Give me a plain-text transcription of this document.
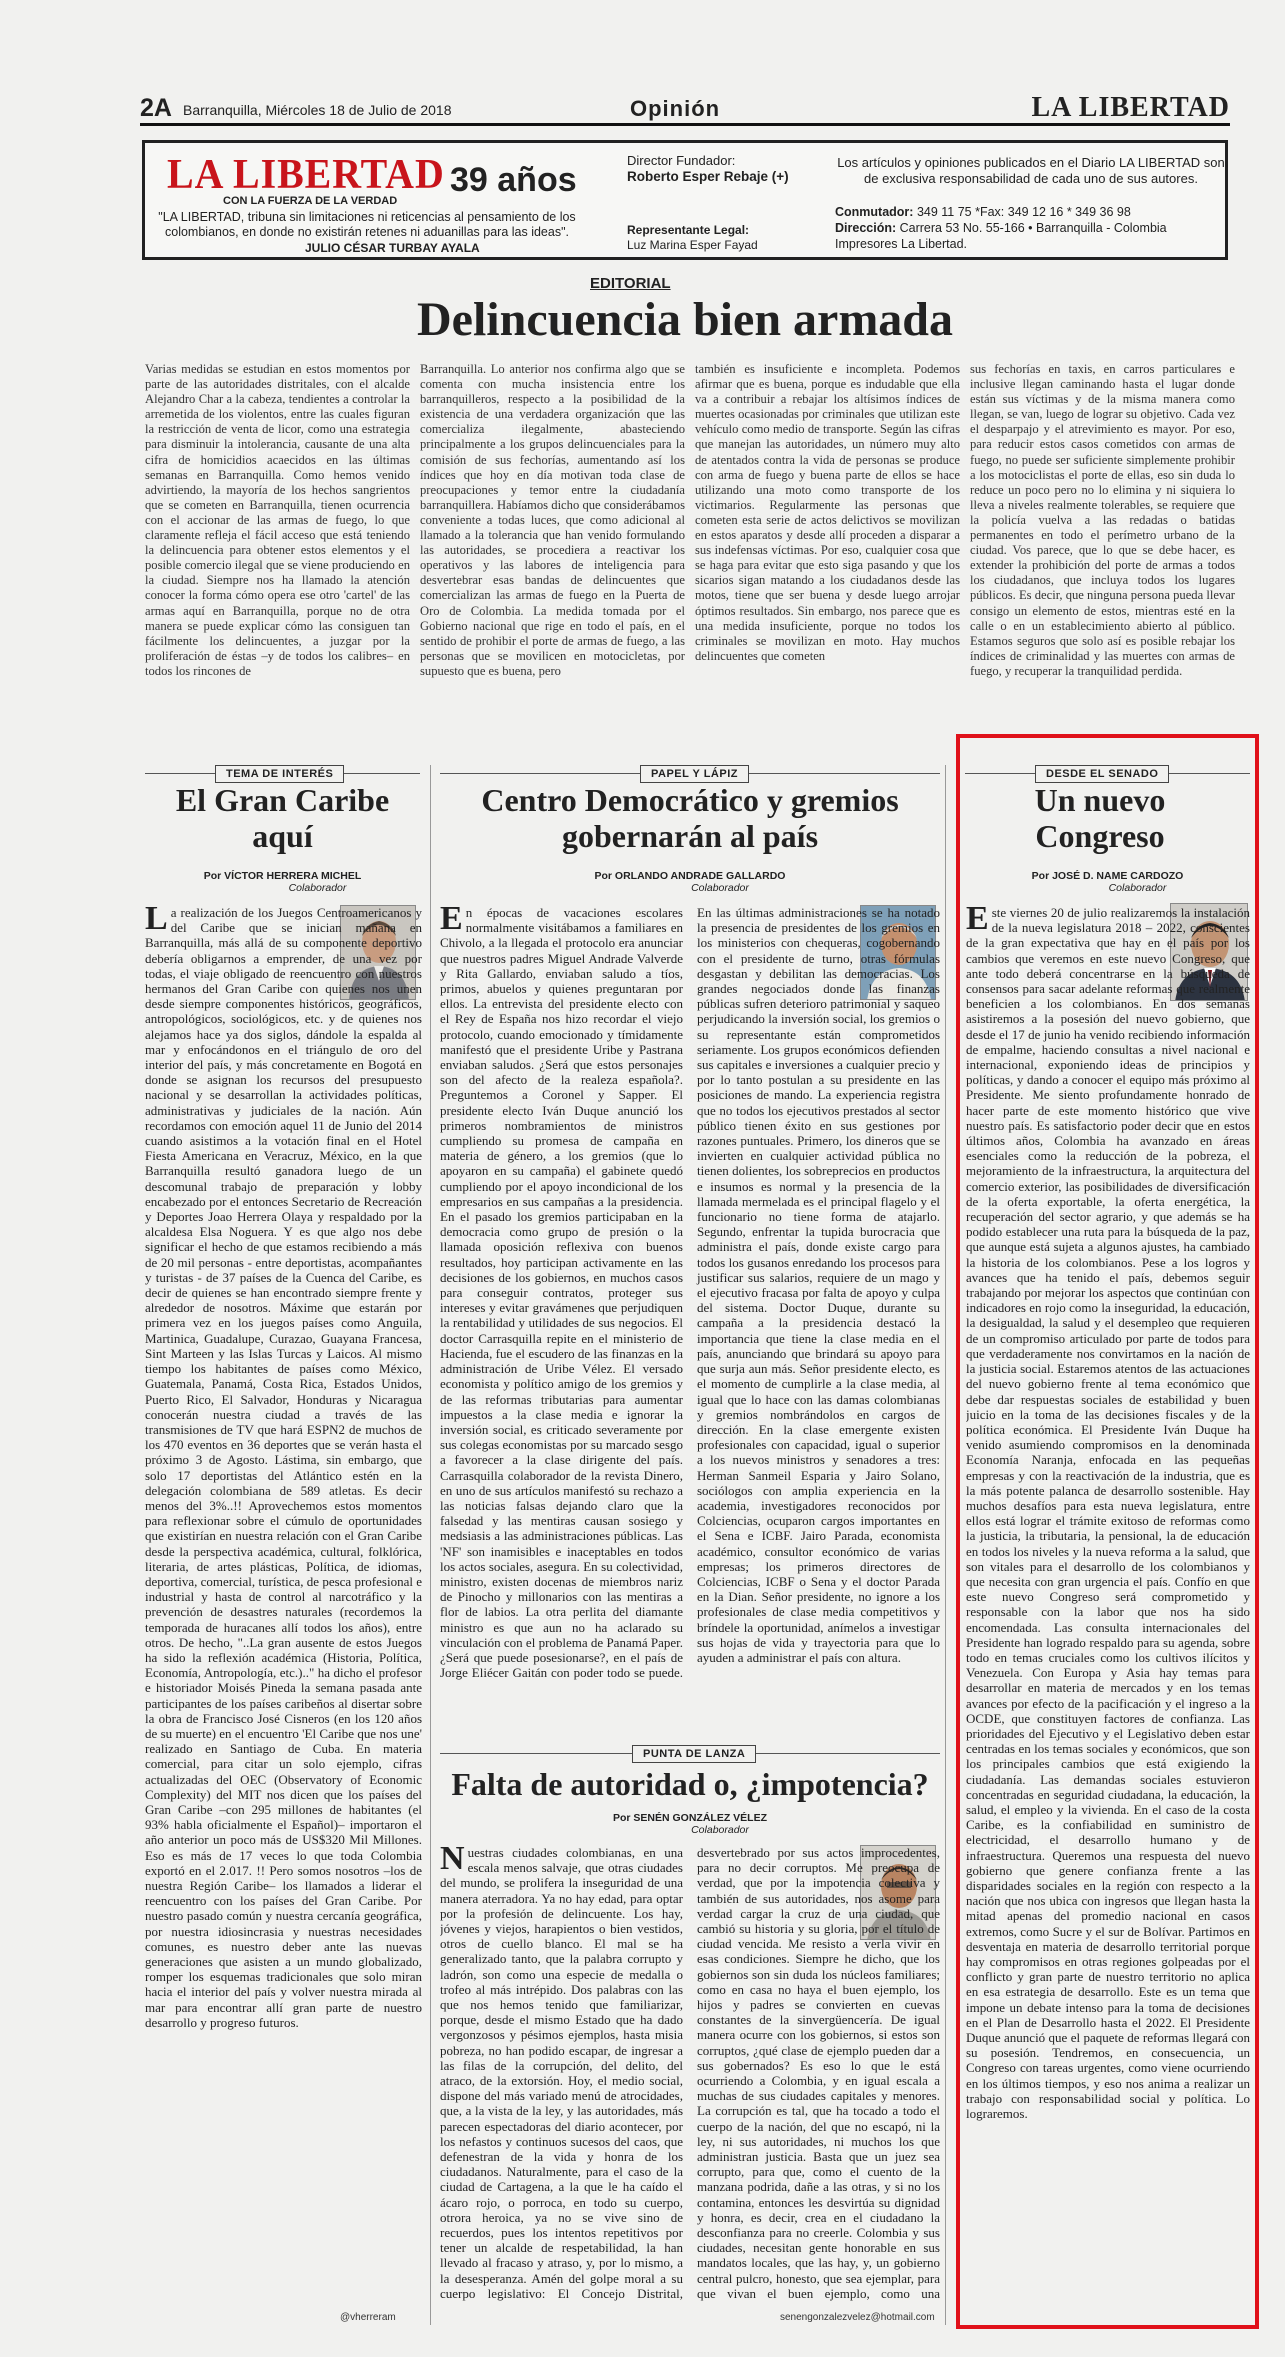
2A Barranquilla, Miércoles 18 de Julio de 2018	Opinión	LA LIBERTAD
LA LIBERTAD 39 años
CON LA FUERZA DE LA VERDAD
"LA LIBERTAD, tribuna sin limitaciones ni reticencias al pensamiento de los colombianos, en donde no existirán retenes ni aduanillas para las ideas".
JULIO CÉSAR TURBAY AYALA
Director Fundador:
Roberto Esper Rebaje (+)
Representante Legal:
Luz Marina Esper Fayad
Los artículos y opiniones publicados en el Diario LA LIBERTAD son de exclusiva responsabilidad de cada uno de sus autores.
Conmutador: 349 11 75 *Fax: 349 12 16 * 349 36 98
Dirección: Carrera 53 No. 55-166 • Barranquilla - Colombia
Impresores La Libertad.
EDITORIAL
Delincuencia bien armada
Varias medidas se estudian en estos momentos por parte de las autoridades distritales, con el alcalde Alejandro Char a la cabeza, tendientes a controlar la arremetida de los violentos, entre las cuales figuran la restricción de venta de licor, como una estrategia para disminuir la intolerancia, causante de una alta cifra de homicidios acaecidos en las últimas semanas en Barranquilla. Como hemos venido advirtiendo, la mayoría de los hechos sangrientos que se cometen en Barranquilla, tienen ocurrencia con el accionar de las armas de fuego, lo que claramente refleja el fácil acceso que está teniendo la delincuencia para obtener estos elementos y el posible comercio ilegal que se viene produciendo en la ciudad. Siempre nos ha llamado la atención conocer la forma cómo opera ese otro 'cartel' de las armas aquí en Barranquilla, porque no de otra manera se puede explicar cómo las consiguen tan fácilmente los delincuentes, a juzgar por la proliferación de éstas –y de todos los calibres– en todos los rincones de
Barranquilla. Lo anterior nos confirma algo que se comenta con mucha insistencia entre los barranquilleros, respecto a la posibilidad de la existencia de una verdadera organización que las comercializa ilegalmente, abasteciendo principalmente a los grupos delincuenciales para la comisión de sus fechorías, aumentando así los índices que hoy en día motivan toda clase de preocupaciones y temor entre la ciudadanía barranquillera. Habíamos dicho que considerábamos conveniente a todas luces, que como adicional al llamado a la tolerancia que han venido formulando las autoridades, se procediera a reactivar los operativos y las labores de inteligencia para desvertebrar esas bandas de delincuentes que comercializan las armas de fuego en la Puerta de Oro de Colombia. La medida tomada por el Gobierno nacional que rige en todo el país, en el sentido de prohibir el porte de armas de fuego, a las personas que se movilicen en motocicletas, por supuesto que es buena, pero
también es insuficiente e incompleta. Podemos afirmar que es buena, porque es indudable que ella va a contribuir a rebajar los altísimos índices de muertes ocasionadas por criminales que utilizan este vehículo como medio de transporte. Según las cifras que manejan las autoridades, un número muy alto de atentados contra la vida de personas se produce con arma de fuego y buena parte de ellos se hace utilizando una moto como transporte de los victimarios. Regularmente las personas que cometen esta serie de actos delictivos se movilizan en estos aparatos y desde allí proceden a disparar a sus indefensas víctimas. Por eso, cualquier cosa que se haga para evitar que esto siga pasando y que los sicarios sigan matando a los ciudadanos desde las motos, tiene que ser buena y desde luego arrojar óptimos resultados. Sin embargo, nos parece que es una medida insuficiente, porque no todos los criminales se movilizan en moto. Hay muchos delincuentes que cometen
sus fechorías en taxis, en carros particulares e inclusive llegan caminando hasta el lugar donde están sus víctimas y de la misma manera como llegan, se van, luego de lograr su objetivo. Cada vez el desparpajo y el atrevimiento es mayor. Por eso, para reducir estos casos cometidos con armas de fuego, no puede ser suficiente simplemente prohibir a los motociclistas el porte de ellas, eso sin duda lo reduce un poco pero no lo elimina y ni siquiera lo lleva a niveles realmente tolerables, se requiere que la policía vuelva a las redadas o batidas permanentes en todo el perímetro urbano de la ciudad. Vos parece, que lo que se debe hacer, es extender la prohibición del porte de armas a todos los ciudadanos, que incluya todos los lugares públicos. Es decir, que ninguna persona pueda llevar consigo un elemento de estos, mientras esté en la calle o en un establecimiento abierto al público. Estamos seguros que solo así es posible rebajar los índices de criminalidad y las muertes con armas de fuego, y recuperar la tranquilidad perdida.
TEMA DE INTERÉS
El Gran Caribe aquí
Por VÍCTOR HERRERA MICHEL
Colaborador
L a realización de los Juegos Centroamericanos y del Caribe que se inician mañana en Barranquilla, más allá de su componente deportivo debería obligarnos a emprender, de una vez por todas, el viaje obligado de reencuentro con nuestros hermanos del Gran Caribe con quienes nos unen desde siempre componentes históricos, geográficos, antropológicos, sociológicos, etc. y de quienes nos alejamos hace ya dos siglos, dándole la espalda al mar y enfocándonos en el triángulo de oro del interior del país, y más concretamente en Bogotá en donde se asignan los recursos del presupuesto nacional y se desarrollan la actividades políticas, administrativas y judiciales de la nación. Aún recordamos con emoción aquel 11 de Junio del 2014 cuando asistimos a la votación final en el Hotel Fiesta Americana en Veracruz, México, en la que Barranquilla resultó ganadora luego de un descomunal trabajo de preparación y lobby encabezado por el entonces Secretario de Recreación y Deportes Joao Herrera Olaya y respaldado por la alcaldesa Elsa Noguera. Y es que algo nos debe significar el hecho de que estamos recibiendo a más de 20 mil personas - entre deportistas, acompañantes y turistas - de 37 países de la Cuenca del Caribe, es decir de quienes se han encontrado siempre frente y alrededor de nosotros. Máxime que estarán por primera vez en los juegos países como Anguila, Martinica, Guadalupe, Curazao, Guayana Francesa, Sint Marteen y las Islas Turcas y Laicos. Al mismo tiempo los habitantes de países como México, Guatemala, Panamá, Costa Rica, Estados Unidos, Puerto Rico, El Salvador, Honduras y Nicaragua conocerán nuestra ciudad a través de las transmisiones de TV que hará ESPN2 de muchos de los 470 eventos en 36 deportes que se verán hasta el próximo 3 de Agosto. Lástima, sin embargo, que solo 17 deportistas del Atlántico estén en la delegación colombiana de 589 atletas. Es decir menos del 3%..!! Aprovechemos estos momentos para reflexionar sobre el cúmulo de oportunidades que existirían en nuestra relación con el Gran Caribe desde la perspectiva académica, cultural, folklórica, literaria, de artes plásticas, Política, de idiomas, deportiva, comercial, turística, de pesca profesional e industrial y hasta de control al narcotráfico y la prevención de desastres naturales (recordemos la temporada de huracanes allí todos los años), entre otros. De hecho, "..La gran ausente de estos Juegos ha sido la reflexión académica (Historia, Política, Economía, Antropología, etc.).." ha dicho el profesor e historiador Moisés Pineda la semana pasada ante participantes de los países caribeños al disertar sobre la obra de Francisco José Cisneros (en los 120 años de su muerte) en el encuentro 'El Caribe que nos une' realizado en Santiago de Cuba. En materia comercial, para citar un solo ejemplo, cifras actualizadas del OEC (Observatory of Economic Complexity) del MIT nos dicen que los países del Gran Caribe –con 295 millones de habitantes (el 93% habla oficialmente el Español)– importaron el año anterior un poco más de US$320 Mil Millones. Eso es más de 17 veces lo que toda Colombia exportó en el 2.017. !! Pero somos nosotros –los de nuestra Región Caribe– los llamados a liderar el reencuentro con los países del Gran Caribe. Por nuestro pasado común y nuestra cercanía geográfica, por nuestra idiosincrasia y nuestras necesidades comunes, es nuestro deber ante las nuevas generaciones que asisten a un mundo globalizado, romper los esquemas tradicionales que solo miran hacia el interior del país y volver nuestra mirada al mar para encontrar allí gran parte de nuestro desarrollo y progreso futuros.
@vherreram
PAPEL Y LÁPIZ
Centro Democrático y gremios gobernarán al país
Por ORLANDO ANDRADE GALLARDO
Colaborador
E n épocas de vacaciones escolares normalmente visitábamos a familiares en Chivolo, a la llegada el protocolo era anunciar que nuestros padres Miguel Andrade Valverde y Rita Gallardo, enviaban saludo a tíos, primos, abuelos y quienes preguntaran por ellos. La entrevista del presidente electo con el Rey de España nos hizo recordar el viejo protocolo, cuando emocionado y tímidamente manifestó que el presidente Uribe y Pastrana enviaban saludos. ¿Será que estos personajes son del afecto de la realeza española?. Preguntemos a Coronel y Sapper. El presidente electo Iván Duque anunció los primeros nombramientos de ministros cumpliendo su promesa de campaña en materia de género, a los gremios (que lo apoyaron en su campaña) el gabinete quedó cumpliendo por el apoyo incondicional de los empresarios en sus campañas a la presidencia. En el pasado los gremios participaban en la democracia como grupo de presión o la llamada oposición reflexiva con buenos resultados, hoy participan activamente en las decisiones de los gobiernos, en muchos casos para conseguir contratos, proteger sus intereses y evitar gravámenes que perjudiquen la rentabilidad y utilidades de sus negocios. El doctor Carrasquilla repite en el ministerio de Hacienda, fue el escudero de las finanzas en la administración de Uribe Vélez. El versado economista y político amigo de los gremios y de las reformas tributarias para aumentar impuestos a la clase media e ignorar la inversión social, es criticado severamente por sus colegas economistas por su marcado sesgo a favorecer a la clase dirigente del país. Carrasquilla colaborador de la revista Dinero, en uno de sus artículos manifestó su rechazo a las noticias falsas dejando claro que la falsedad y las mentiras causan sosiego y medsiasis a las administraciones públicas. Las 'NF' son inamisibles e inaceptables en todos los actos sociales, asegura. En su colectividad, ministro, existen docenas de miembros nariz de Pinocho y millonarios con las mentiras a flor de labios. La otra perlita del diamante ministro es que aun no ha aclarado su vinculación con el problema de Panamá Paper. ¿Será que puede posesionarse?, en el país de Jorge Eliécer Gaitán con poder todo se puede. En las últimas administraciones se ha notado la presencia de presidentes de los gremios en los ministerios con chequeras, cogobernando con el presidente de turno, otras fórmulas desgastan y debilitan las democracias. Los grandes negociados donde las finanzas públicas sufren deterioro patrimonial y saqueo perjudicando la inversión social, los gremios o su representante están comprometidos seriamente. Los grupos económicos defienden sus capitales e inversiones a cualquier precio y por lo tanto postulan a su presidente en las posiciones de mando. La experiencia registra que no todos los ejecutivos prestados al sector público tienen éxito en sus gestiones por razones puntuales. Primero, los dineros que se invierten en cualquier actividad pública no tienen dolientes, los sobreprecios en productos e insumos es normal y la presencia de la llamada mermelada es el principal flagelo y el funcionario no tiene forma de atajarlo. Segundo, enfrentar la tupida burocracia que administra el país, donde existe cargo para todos los gusanos enredando los procesos para justificar sus salarios, requiere de un mago y el ejecutivo fracasa por falta de apoyo y culpa del sistema. Doctor Duque, durante su campaña a la presidencia destacó la importancia que tiene la clase media en el país, anunciando que brindará su apoyo para que surja aun más. Señor presidente electo, es el momento de cumplirle a la clase media, al igual que lo hace con las damas colombianas y gremios nombrándolos en cargos de dirección. En la clase emergente existen profesionales con capacidad, igual o superior a los nuevos ministros y senadores a tres: Herman Sanmeil Esparia y Jairo Solano, sociólogos con amplia experiencia en la academia, investigadores reconocidos por Colciencias, ocuparon cargos importantes en el Sena e ICBF. Jairo Parada, economista académico, consultor económico de varias empresas; los primeros directores de Colciencias, ICBF o Sena y el doctor Parada en la Dian. Señor presidente, no ignore a los profesionales de clase media competitivos y bríndele la oportunidad, anímelos a investigar sus hojas de vida y trayectoria para que lo ayuden a administrar el país con altura.
PUNTA DE LANZA
Falta de autoridad o, ¿impotencia?
Por SENÉN GONZÁLEZ VÉLEZ
Colaborador
N uestras ciudades colombianas, en una escala menos salvaje, que otras ciudades del mundo, se prolifera la inseguridad de una manera aterradora. Ya no hay edad, para optar por la profesión de delincuente. Los hay, jóvenes y viejos, harapientos o bien vestidos, otros de cuello blanco. El mal se ha generalizado tanto, que la palabra corrupto y ladrón, son como una especie de medalla o trofeo al más intrépido. Dos palabras con las que nos hemos tenido que familiarizar, porque, desde el mismo Estado que ha dado vergonzosos y pésimos ejemplos, hasta misia pobreza, no han podido escapar, de ingresar a las filas de la corrupción, del delito, del atraco, de la extorsión. Hoy, el medio social, dispone del más variado menú de atrocidades, que, a la vista de la ley, y las autoridades, más parecen espectadoras del diario acontecer, por los nefastos y continuos sucesos del caos, que defenestran de la vida y honra de los ciudadanos. Naturalmente, para el caso de la ciudad de Cartagena, a la que le ha caído el ácaro rojo, o porroca, en todo su cuerpo, otrora heroica, ya no se vive sino de recuerdos, pues los intentos repetitivos por tener un alcalde de respetabilidad, la han llevado al fracaso y atraso, y, por lo mismo, a la desesperanza. Amén del golpe moral a su cuerpo legislativo: El Concejo Distrital, desvertebrado por sus actos improcedentes, para no decir corruptos. Me preocupa de verdad, que por la impotencia colectiva y también de sus autoridades, nos asome para verdad cargar la cruz de una ciudad, que cambió su historia y su gloria, por el título de ciudad vencida. Me resisto a verla vivir en esas condiciones. Siempre he dicho, que los gobiernos son sin duda los núcleos familiares; como en casa no haya el buen ejemplo, los hijos y padres se convierten en cuevas constantes de la sinvergüencería. De igual manera ocurre con los gobiernos, si estos son corruptos, ¿qué clase de ejemplo pueden dar a sus gobernados? Es eso lo que le está ocurriendo a Colombia, y en igual escala a muchas de sus ciudades capitales y menores. La corrupción es tal, que ha tocado a todo el cuerpo de la nación, del que no escapó, ni la ley, ni sus autoridades, ni muchos los que administran justicia. Basta que un juez sea corrupto, para que, como el cuento de la manzana podrida, dañe a las otras, y si no los contamina, entonces les desvirtúa su dignidad y honra, es decir, crea en el ciudadano la desconfianza para no creerle. Colombia y sus ciudades, necesitan gente honorable en sus mandatos locales, que las hay, y, un gobierno central pulcro, honesto, que sea ejemplar, para que vivan el buen ejemplo, como una
senengonzalezvelez@hotmail.com
DESDE EL SENADO
Un nuevo Congreso
Por JOSÉ D. NAME CARDOZO
Colaborador
E ste viernes 20 de julio realizaremos la instalación de la nueva legislatura 2018 – 2022, conscientes de la gran expectativa que hay en el país por los cambios que veremos en este nuevo Congreso, que ante todo deberá concentrarse en la búsqueda de consensos para sacar adelante reformas que realmente beneficien a los colombianos. En dos semanas asistiremos a la posesión del nuevo gobierno, que desde el 17 de junio ha venido recibiendo información de empalme, haciendo consultas a nivel nacional e internacional, exponiendo ideas de principios y políticas, y dando a conocer el equipo más próximo al Presidente. Me siento profundamente honrado de hacer parte de este momento histórico que vive nuestro país. Es satisfactorio poder decir que en estos últimos años, Colombia ha avanzado en áreas esenciales como la reducción de la pobreza, el mejoramiento de la infraestructura, la arquitectura del comercio exterior, las posibilidades de diversificación de la oferta exportable, la oferta energética, la recuperación del sector agrario, y que además se ha podido establecer una ruta para la búsqueda de la paz, que aunque está sujeta a algunos ajustes, ha cambiado la historia de los colombianos. Pese a los logros y avances que ha tenido el país, debemos seguir trabajando por mejorar los aspectos que continúan con indicadores en rojo como la inseguridad, la educación, la desigualdad, la salud y el desempleo que requieren de un compromiso articulado por parte de todos para que verdaderamente nos convirtamos en la nación de la justicia social. Estaremos atentos de las actuaciones del nuevo gobierno frente al tema económico que debe dar respuestas sociales de estabilidad y buen juicio en la toma de las decisiones fiscales y de la política económica. El Presidente Iván Duque ha venido asumiendo compromisos en la denominada Economía Naranja, enfocada en las pequeñas empresas y con la reactivación de la industria, que es la más potente palanca de desarrollo sostenible. Hay muchos desafíos para esta nueva legislatura, entre ellos está lograr el trámite exitoso de reformas como la justicia, la tributaria, la pensional, la de educación en todos los niveles y la nueva reforma a la salud, que son vitales para el desarrollo de los colombianos y que necesita con gran urgencia el país. Confío en que este nuevo Congreso será comprometido y responsable con la labor que nos ha sido encomendada. Las consulta internacionales del Presidente han logrado respaldo para su agenda, sobre todo en temas cruciales como los cultivos ilícitos y Venezuela. Con Europa y Asia hay temas para desarrollar en materia de mercados y en los temas avances por efecto de la pacificación y el ingreso a la OCDE, que constituyen factores de confianza. Las prioridades del Ejecutivo y el Legislativo deben estar centradas en los temas sociales y económicos, que son los principales cambios que está exigiendo la ciudadanía. Las demandas sociales estuvieron concentradas en seguridad ciudadana, la educación, la salud, el empleo y la vivienda. En el caso de la costa Caribe, es la confiabilidad en suministro de electricidad, el desarrollo humano y de infraestructura. Queremos una respuesta del nuevo gobierno que genere confianza frente a las disparidades sociales en la región con respecto a la nación que nos ubica con ingresos que llegan hasta la mitad apenas del promedio nacional en casos extremos, como Sucre y el sur de Bolívar. Partimos en desventaja en materia de desarrollo territorial porque hay compromisos en otras regiones golpeadas por el conflicto y gran parte de nuestro territorio no aplica en esa estrategia de desarrollo. Este es un tema que impone un debate intenso para la toma de decisiones en el Plan de Desarrollo hasta el 2022. El Presidente Duque anunció que el paquete de reformas llegará con su posesión. Tendremos, en consecuencia, un Congreso con tareas urgentes, como viene ocurriendo en los últimos tiempos, y eso nos anima a realizar un trabajo con responsabilidad social y política. Lo lograremos.
